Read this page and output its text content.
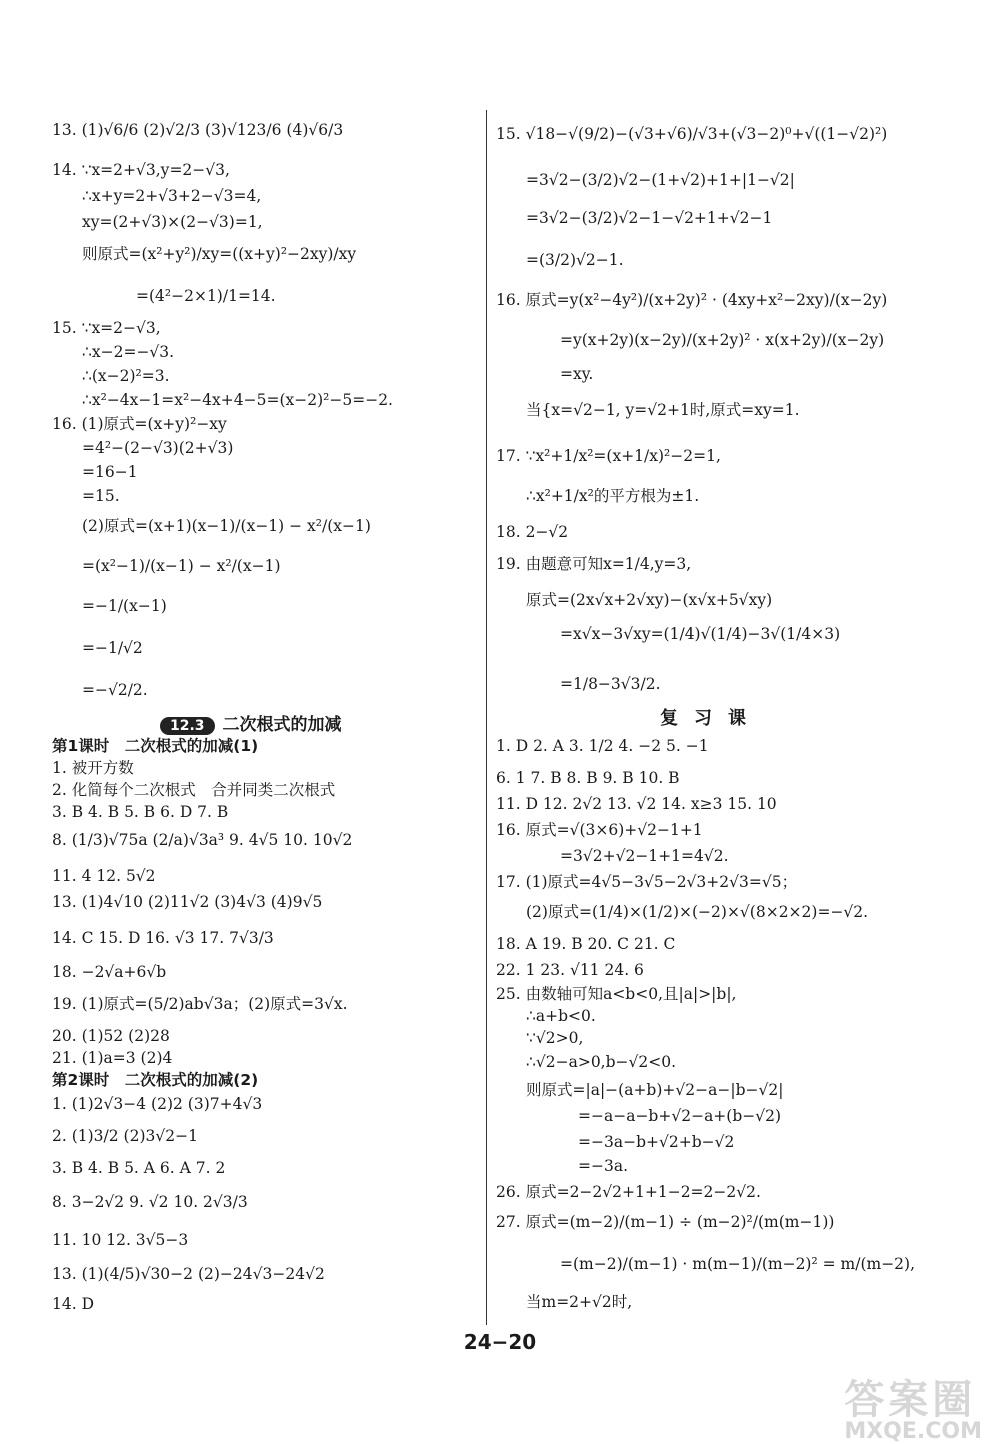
13. (1)√6/6 (2)√2/3 (3)√123/6 (4)√6/3
14. ∵x=2+√3,y=2−√3,
∴x+y=2+√3+2−√3=4,
xy=(2+√3)×(2−√3)=1,
则原式=(x²+y²)/xy=((x+y)²−2xy)/xy
=(4²−2×1)/1=14.
15. ∵x=2−√3,
∴x−2=−√3.
∴(x−2)²=3.
∴x²−4x−1=x²−4x+4−5=(x−2)²−5=−2.
16. (1)原式=(x+y)²−xy
=4²−(2−√3)(2+√3)
=16−1
=15.
(2)原式=(x+1)(x−1)/(x−1) − x²/(x−1)
=(x²−1)/(x−1) − x²/(x−1)
=−1/(x−1)
=−1/√2
=−√2/2.
12.3 二次根式的加减
第1课时　二次根式的加减(1)
1. 被开方数
2. 化简每个二次根式　合并同类二次根式
3. B 4. B 5. B 6. D 7. B
8. (1/3)√75a (2/a)√3a³ 9. 4√5 10. 10√2
11. 4 12. 5√2
13. (1)4√10 (2)11√2 (3)4√3 (4)9√5
14. C 15. D 16. √3 17. 7√3/3
18. −2√a+6√b
19. (1)原式=(5/2)ab√3a；(2)原式=3√x.
20. (1)52 (2)28
21. (1)a=3 (2)4
第2课时　二次根式的加减(2)
1. (1)2√3−4 (2)2 (3)7+4√3
2. (1)3/2 (2)3√2−1
3. B 4. B 5. A 6. A 7. 2
8. 3−2√2 9. √2 10. 2√3/3
11. 10 12. 3√5−3
13. (1)(4/5)√30−2 (2)−24√3−24√2
14. D
15. √18−√(9/2)−(√3+√6)/√3+(√3−2)⁰+√((1−√2)²)
=3√2−(3/2)√2−(1+√2)+1+|1−√2|
=3√2−(3/2)√2−1−√2+1+√2−1
=(3/2)√2−1.
16. 原式=y(x²−4y²)/(x+2y)² · (4xy+x²−2xy)/(x−2y)
=y(x+2y)(x−2y)/(x+2y)² · x(x+2y)/(x−2y)
=xy.
当{x=√2−1, y=√2+1时,原式=xy=1.
17. ∵x²+1/x²=(x+1/x)²−2=1,
∴x²+1/x²的平方根为±1.
18. 2−√2
19. 由题意可知x=1/4,y=3,
原式=(2x√x+2√xy)−(x√x+5√xy)
=x√x−3√xy=(1/4)√(1/4)−3√(1/4×3)
=1/8−3√3/2.
复习课
1. D 2. A 3. 1/2 4. −2 5. −1
6. 1 7. B 8. B 9. B 10. B
11. D 12. 2√2 13. √2 14. x≥3 15. 10
16. 原式=√(3×6)+√2−1+1
=3√2+√2−1+1=4√2.
17. (1)原式=4√5−3√5−2√3+2√3=√5；
(2)原式=(1/4)×(1/2)×(−2)×√(8×2×2)=−√2.
18. A 19. B 20. C 21. C
22. 1 23. √11 24. 6
25. 由数轴可知a<b<0,且|a|>|b|,
∴a+b<0.
∵√2>0,
∴√2−a>0,b−√2<0.
则原式=|a|−(a+b)+√2−a−|b−√2|
=−a−a−b+√2−a+(b−√2)
=−3a−b+√2+b−√2
=−3a.
26. 原式=2−2√2+1+1−2=2−2√2.
27. 原式=(m−2)/(m−1) ÷ (m−2)²/(m(m−1))
=(m−2)/(m−1) · m(m−1)/(m−2)² = m/(m−2),
当m=2+√2时,
24−20
答案圈
MXQE.COM
